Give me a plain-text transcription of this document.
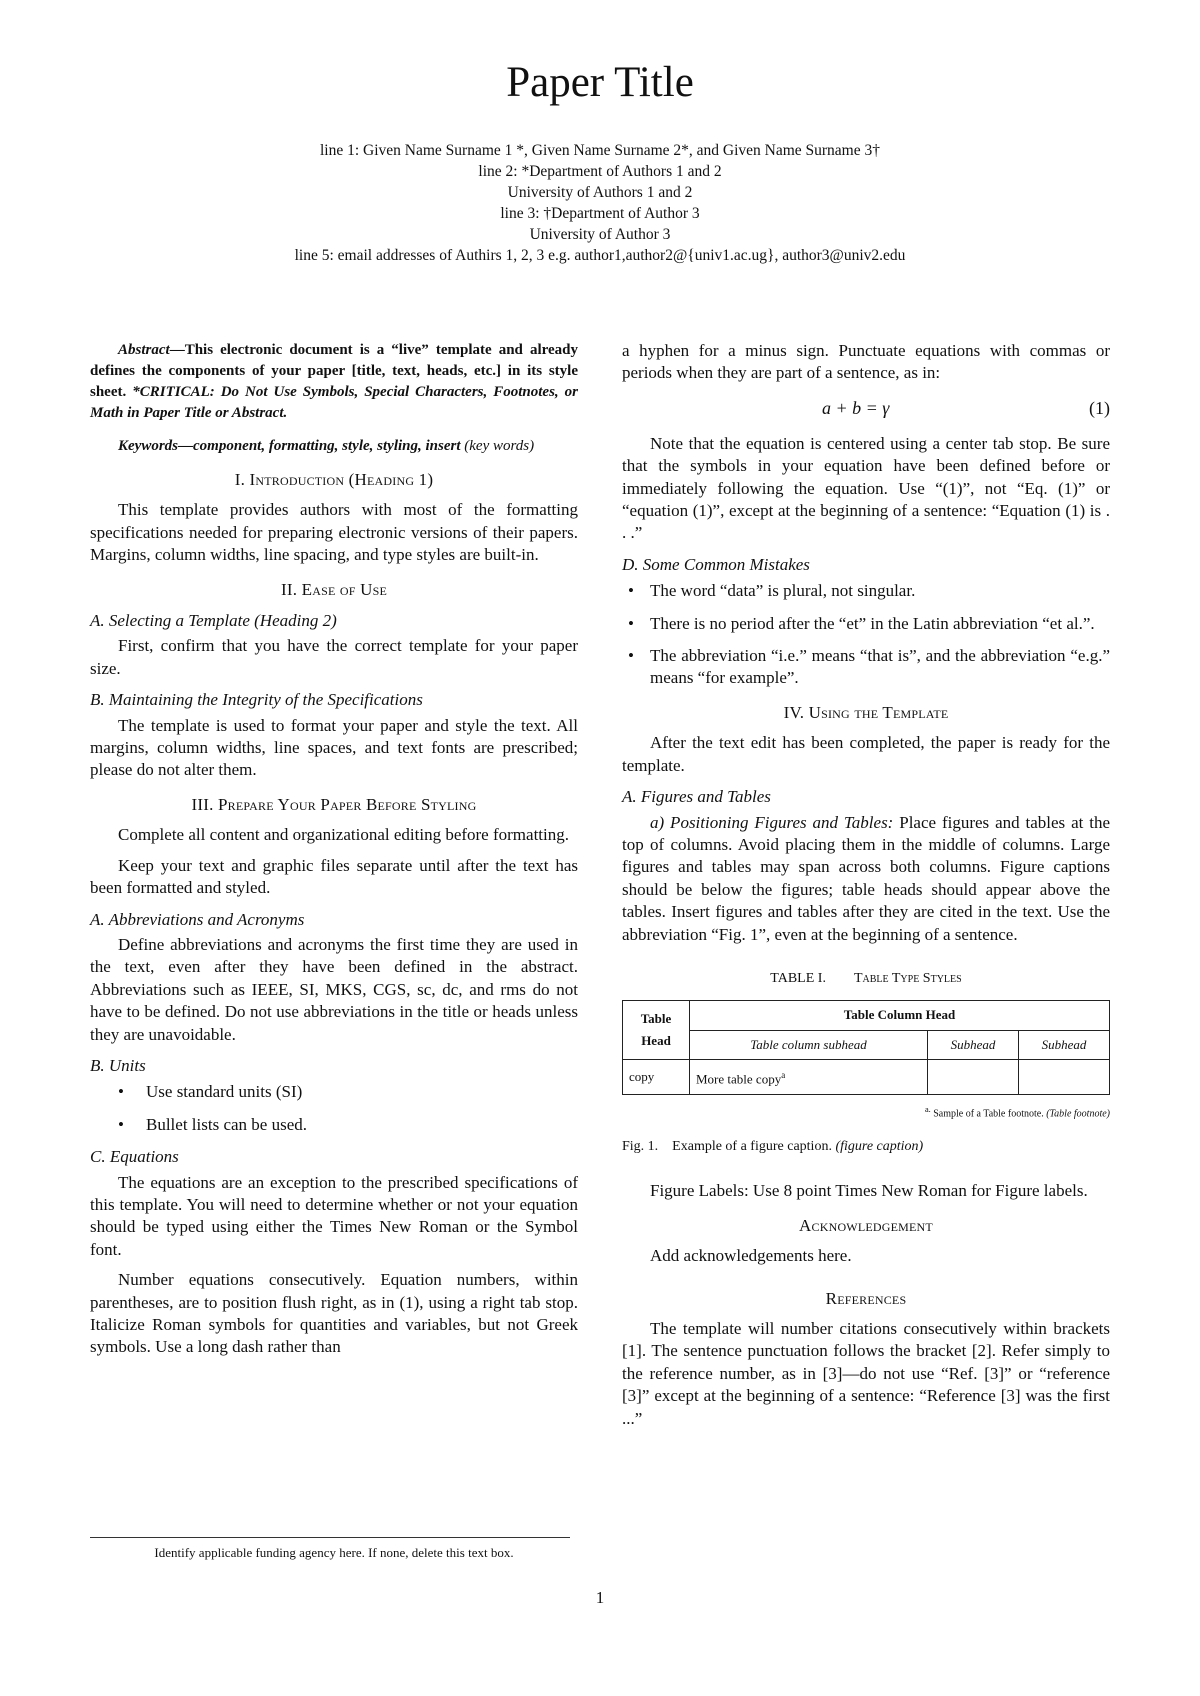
Paper Title
line 1: Given Name Surname 1 *, Given Name Surname 2*, and Given Name Surname 3†
line 2: *Department of Authors 1 and 2
University of Authors 1 and 2
line 3: †Department of Author 3
University of Author 3
line 5: email addresses of Authirs 1, 2, 3 e.g. author1,author2@{univ1.ac.ug}, author3@univ2.edu

Abstract—This electronic document is a “live” template and already defines the components of your paper [title, text, heads, etc.] in its style sheet. *CRITICAL: Do Not Use Symbols, Special Characters, Footnotes, or Math in Paper Title or Abstract.

Keywords—component, formatting, style, styling, insert (key words)

I. Introduction (Heading 1)

This template provides authors with most of the formatting specifications needed for preparing electronic versions of their papers. Margins, column widths, line spacing, and type styles are built-in.

II. Ease of Use
A. Selecting a Template (Heading 2)

First, confirm that you have the correct template for your paper size.

B. Maintaining the Integrity of the Specifications

The template is used to format your paper and style the text. All margins, column widths, line spaces, and text fonts are prescribed; please do not alter them.

III. Prepare Your Paper Before Styling

Complete all content and organizational editing before formatting.

Keep your text and graphic files separate until after the text has been formatted and styled.

A. Abbreviations and Acronyms

Define abbreviations and acronyms the first time they are used in the text, even after they have been defined in the abstract. Abbreviations such as IEEE, SI, MKS, CGS, sc, dc, and rms do not have to be defined. Do not use abbreviations in the title or heads unless they are unavoidable.

B. Units
• Use standard units (SI)
• Bullet lists can be used.
C. Equations

The equations are an exception to the prescribed specifications of this template. You will need to determine whether or not your equation should be typed using either the Times New Roman or the Symbol font.

Number equations consecutively. Equation numbers, within parentheses, are to position flush right, as in (1), using a right tab stop. Italicize Roman symbols for quantities and variables, but not Greek symbols. Use a long dash rather than

a hyphen for a minus sign. Punctuate equations with commas or periods when they are part of a sentence, as in:

a + b = γ	(1)

Note that the equation is centered using a center tab stop. Be sure that the symbols in your equation have been defined before or immediately following the equation. Use “(1)”, not “Eq. (1)” or “equation (1)”, except at the beginning of a sentence: “Equation (1) is . . .”

D. Some Common Mistakes
• The word “data” is plural, not singular.
• There is no period after the “et” in the Latin abbreviation “et al.”.
• The abbreviation “i.e.” means “that is”, and the abbreviation “e.g.” means “for example”.
IV. Using the Template

After the text edit has been completed, the paper is ready for the template.

A. Figures and Tables

a) Positioning Figures and Tables: Place figures and tables at the top of columns. Avoid placing them in the middle of columns. Large figures and tables may span across both columns. Figure captions should be below the figures; table heads should appear above the tables. Insert figures and tables after they are cited in the text. Use the abbreviation “Fig. 1”, even at the beginning of a sentence.

TABLE I.   Table Type Styles
Table Head	Table Column Head		
	Table column subhead	Subhead	Subhead
copy	More table copy$^a$		
$^{a.}$ Sample of a Table footnote. (Table footnote)
Fig. 1. Example of a figure caption. (figure caption)

Figure Labels: Use 8 point Times New Roman for Figure labels.

Acknowledgement

Add acknowledgements here.

References

The template will number citations consecutively within brackets [1]. The sentence punctuation follows the bracket [2]. Refer simply to the reference number, as in [3]—do not use “Ref. [3]” or “reference [3]” except at the beginning of a sentence: “Reference [3] was the first ...”

Identify applicable funding agency here. If none, delete this text box.
1
